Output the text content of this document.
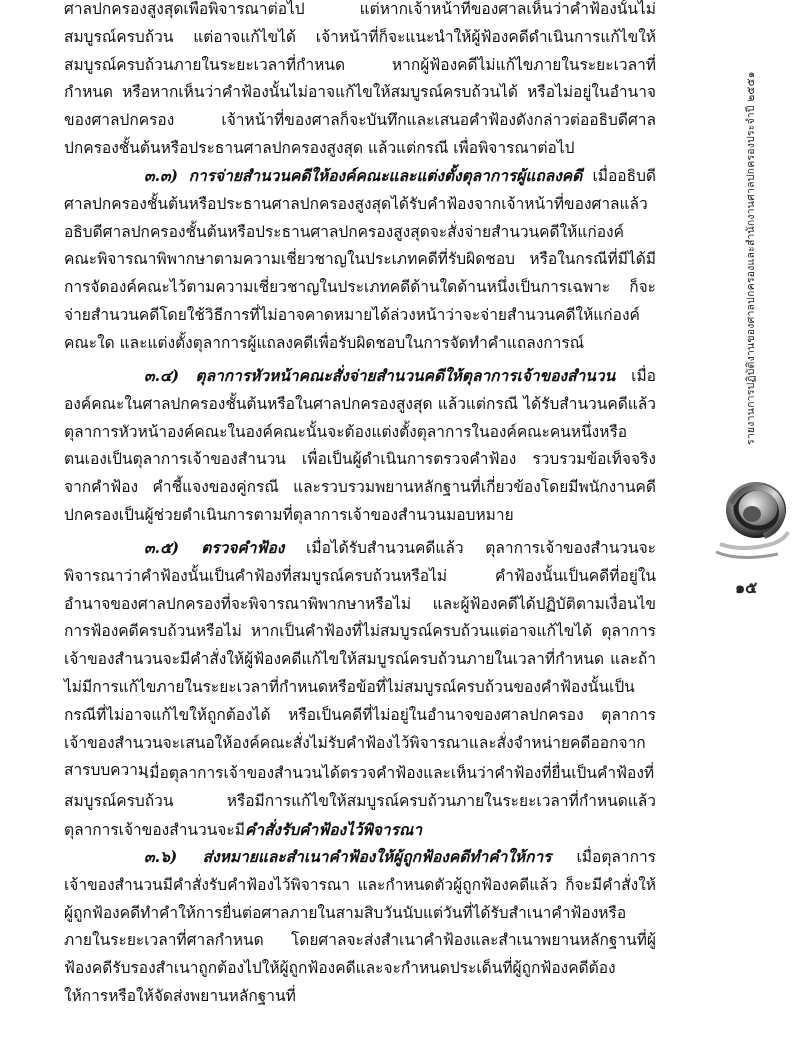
ศาลปกครองสูงสุดเพื่อพิจารณาต่อไป แต่หากเจ้าหน้าที่ของศาลเห็นว่าคำฟ้องนั้นไม่สมบูรณ์ครบถ้วน แต่อาจแก้ไขได้ เจ้าหน้าที่ก็จะแนะนำให้ผู้ฟ้องคดีดำเนินการแก้ไขให้สมบูรณ์ครบถ้วนภายในระยะเวลาที่กำหนด หากผู้ฟ้องคดีไม่แก้ไขภายในระยะเวลาที่กำหนด หรือหากเห็นว่าคำฟ้องนั้นไม่อาจแก้ไขให้สมบูรณ์ครบถ้วนได้ หรือไม่อยู่ในอำนาจของศาลปกครอง เจ้าหน้าที่ของศาลก็จะบันทึกและเสนอคำฟ้องดังกล่าวต่ออธิบดีศาลปกครองชั้นต้นหรือประธานศาลปกครองสูงสุด แล้วแต่กรณี เพื่อพิจารณาต่อไป

๓.๓) การจ่ายสำนวนคดีให้องค์คณะและแต่งตั้งตุลาการผู้แถลงคดี เมื่ออธิบดีศาลปกครองชั้นต้นหรือประธานศาลปกครองสูงสุดได้รับคำฟ้องจากเจ้าหน้าที่ของศาลแล้ว อธิบดีศาลปกครองชั้นต้นหรือประธานศาลปกครองสูงสุดจะสั่งจ่ายสำนวนคดีให้แก่องค์คณะพิจารณาพิพากษาตามความเชี่ยวชาญในประเภทคดีที่รับผิดชอบ หรือในกรณีที่มีได้มีการจัดองค์คณะไว้ตามความเชี่ยวชาญในประเภทคดีด้านใดด้านหนึ่งเป็นการเฉพาะ ก็จะจ่ายสำนวนคดีโดยใช้วิธีการที่ไม่อาจคาดหมายได้ล่วงหน้าว่าจะจ่ายสำนวนคดีให้แก่องค์คณะใด และแต่งตั้งตุลาการผู้แถลงคดีเพื่อรับผิดชอบในการจัดทำคำแถลงการณ์

๓.๔) ตุลาการหัวหน้าคณะสั่งจ่ายสำนวนคดีให้ตุลาการเจ้าของสำนวน เมื่อองค์คณะในศาลปกครองชั้นต้นหรือในศาลปกครองสูงสุด แล้วแต่กรณี ได้รับสำนวนคดีแล้ว ตุลาการหัวหน้าองค์คณะในองค์คณะนั้นจะต้องแต่งตั้งตุลาการในองค์คณะคนหนึ่งหรือตนเองเป็นตุลาการเจ้าของสำนวน เพื่อเป็นผู้ดำเนินการตรวจคำฟ้อง รวบรวมข้อเท็จจริงจากคำฟ้อง คำชี้แจงของคู่กรณี และรวบรวมพยานหลักฐานที่เกี่ยวข้องโดยมีพนักงานคดีปกครองเป็นผู้ช่วยดำเนินการตามที่ตุลาการเจ้าของสำนวนมอบหมาย

๓.๕) ตรวจคำฟ้อง เมื่อได้รับสำนวนคดีแล้ว ตุลาการเจ้าของสำนวนจะพิจารณาว่าคำฟ้องนั้นเป็นคำฟ้องที่สมบูรณ์ครบถ้วนหรือไม่ คำฟ้องนั้นเป็นคดีที่อยู่ในอำนาจของศาลปกครองที่จะพิจารณาพิพากษาหรือไม่ และผู้ฟ้องคดีได้ปฏิบัติตามเงื่อนไขการฟ้องคดีครบถ้วนหรือไม่ หากเป็นคำฟ้องที่ไม่สมบูรณ์ครบถ้วนแต่อาจแก้ไขได้ ตุลาการเจ้าของสำนวนจะมีคำสั่งให้ผู้ฟ้องคดีแก้ไขให้สมบูรณ์ครบถ้วนภายในเวลาที่กำหนด และถ้าไม่มีการแก้ไขภายในระยะเวลาที่กำหนดหรือข้อที่ไม่สมบูรณ์ครบถ้วนของคำฟ้องนั้นเป็นกรณีที่ไม่อาจแก้ไขให้ถูกต้องได้ หรือเป็นคดีที่ไม่อยู่ในอำนาจของศาลปกครอง ตุลาการเจ้าของสำนวนจะเสนอให้องค์คณะสั่งไม่รับคำฟ้องไว้พิจารณาและสั่งจำหน่ายคดีออกจากสารบบความ

เมื่อตุลาการเจ้าของสำนวนได้ตรวจคำฟ้องและเห็นว่าคำฟ้องที่ยื่นเป็นคำฟ้องที่สมบูรณ์ครบถ้วน หรือมีการแก้ไขให้สมบูรณ์ครบถ้วนภายในระยะเวลาที่กำหนดแล้ว ตุลาการเจ้าของสำนวนจะมีคำสั่งรับคำฟ้องไว้พิจารณา

๓.๖) ส่งหมายและสำเนาคำฟ้องให้ผู้ถูกฟ้องคดีทำคำให้การ เมื่อตุลาการเจ้าของสำนวนมีคำสั่งรับคำฟ้องไว้พิจารณา และกำหนดตัวผู้ถูกฟ้องคดีแล้ว ก็จะมีคำสั่งให้ผู้ถูกฟ้องคดีทำคำให้การยื่นต่อศาลภายในสามสิบวันนับแต่วันที่ได้รับสำเนาคำฟ้องหรือภายในระยะเวลาที่ศาลกำหนด โดยศาลจะส่งสำเนาคำฟ้องและสำเนาพยานหลักฐานที่ผู้ฟ้องคดีรับรองสำเนาถูกต้องไปให้ผู้ถูกฟ้องคดีและจะกำหนดประเด็นที่ผู้ถูกฟ้องคดีต้องให้การหรือให้จัดส่งพยานหลักฐานที่

รายงานการปฏิบัติงานของศาลปกครองและสำนักงานศาลปกครองประจำปี ๒๕๕๑
๑๕
